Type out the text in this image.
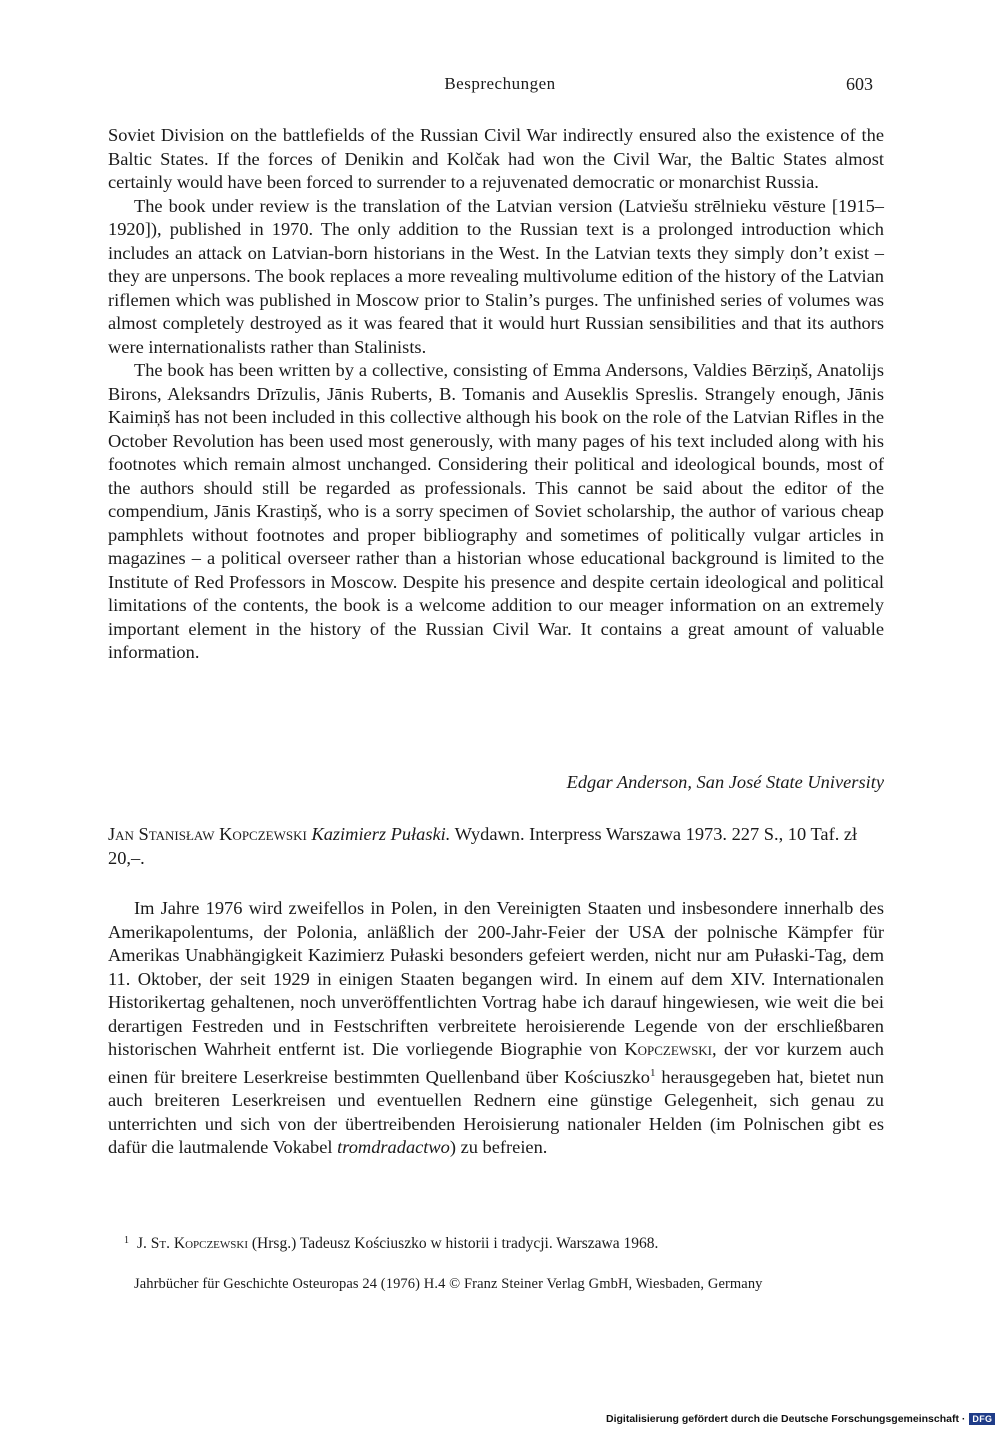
Besprechungen	603

Soviet Division on the battlefields of the Russian Civil War indirectly ensured also the existence of the Baltic States. If the forces of Denikin and Kolčak had won the Civil War, the Baltic States almost certainly would have been forced to surrender to a rejuvenated democratic or monarchist Russia.

The book under review is the translation of the Latvian version (Latviešu strēlnieku vēsture [1915–1920]), published in 1970. The only addition to the Russian text is a prolonged introduction which includes an attack on Latvian-born historians in the West. In the Latvian texts they simply don’t exist – they are unpersons. The book replaces a more revealing multivolume edition of the history of the Latvian riflemen which was published in Moscow prior to Stalin’s purges. The unfinished series of volumes was almost completely destroyed as it was feared that it would hurt Russian sensibilities and that its authors were internationalists rather than Stalinists.

The book has been written by a collective, consisting of Emma Andersons, Valdies Bērziņš, Anatolijs Birons, Aleksandrs Drīzulis, Jānis Ruberts, B. Tomanis and Auseklis Spreslis. Strangely enough, Jānis Kaimiņš has not been included in this collective although his book on the role of the Latvian Rifles in the October Revolution has been used most generously, with many pages of his text included along with his footnotes which remain almost unchanged. Considering their political and ideological bounds, most of the authors should still be regarded as professionals. This cannot be said about the editor of the compendium, Jānis Krastiņš, who is a sorry specimen of Soviet scholarship, the author of various cheap pamphlets without footnotes and proper bibliography and sometimes of politically vulgar articles in magazines – a political overseer rather than a historian whose educational background is limited to the Institute of Red Professors in Moscow. Despite his presence and despite certain ideological and political limitations of the contents, the book is a welcome addition to our meager information on an extremely important element in the history of the Russian Civil War. It contains a great amount of valuable information.

Edgar Anderson, San José State University
Jan Stanisław Kopczewski Kazimierz Pułaski. Wydawn. Interpress Warszawa 1973. 227 S., 10 Taf. zł 20,–.

Im Jahre 1976 wird zweifellos in Polen, in den Vereinigten Staaten und insbesondere innerhalb des Amerikapolentums, der Polonia, anläßlich der 200-Jahr-Feier der USA der polnische Kämpfer für Amerikas Unabhängigkeit Kazimierz Pułaski besonders gefeiert werden, nicht nur am Pułaski-Tag, dem 11. Oktober, der seit 1929 in einigen Staaten begangen wird. In einem auf dem XIV. Internationalen Historikertag gehaltenen, noch unveröffentlichten Vortrag habe ich darauf hingewiesen, wie weit die bei derartigen Festreden und in Festschriften verbreitete heroisierende Legende von der erschließbaren historischen Wahrheit entfernt ist. Die vorliegende Biographie von Kopczewski, der vor kurzem auch einen für breitere Leserkreise bestimmten Quellenband über Kościuszko$^1$ herausgegeben hat, bietet nun auch breiteren Leserkreisen und eventuellen Rednern eine günstige Gelegenheit, sich genau zu unterrichten und sich von der übertreibenden Heroisierung nationaler Helden (im Polnischen gibt es dafür die lautmalende Vokabel tromdradactwo) zu befreien.

$^1$ J. St. Kopczewski (Hrsg.) Tadeusz Kościuszko w historii i tradycji. Warszawa 1968.
Jahrbücher für Geschichte Osteuropas 24 (1976) H.4 © Franz Steiner Verlag GmbH, Wiesbaden, Germany
Digitalisierung gefördert durch die Deutsche Forschungsgemeinschaft · DFG
